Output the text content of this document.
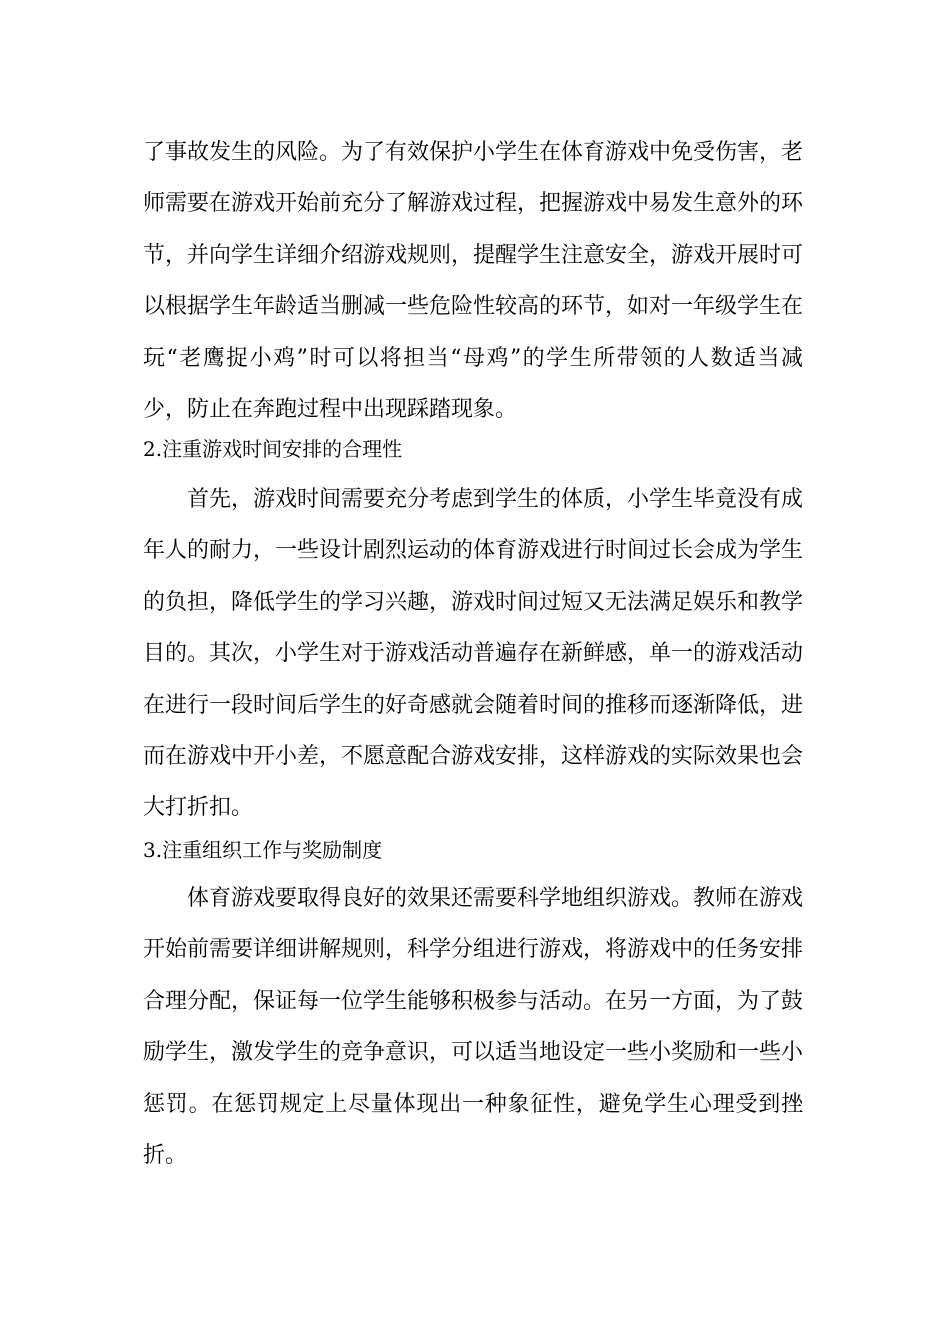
了事故发生的风险。为了有效保护小学生在体育游戏中免受伤害，老师需要在游戏开始前充分了解游戏过程，把握游戏中易发生意外的环节，并向学生详细介绍游戏规则，提醒学生注意安全，游戏开展时可以根据学生年龄适当删减一些危险性较高的环节，如对一年级学生在玩“老鹰捉小鸡”时可以将担当“母鸡”的学生所带领的人数适当减少，防止在奔跑过程中出现踩踏现象。

2.注重游戏时间安排的合理性

首先，游戏时间需要充分考虑到学生的体质，小学生毕竟没有成年人的耐力，一些设计剧烈运动的体育游戏进行时间过长会成为学生的负担，降低学生的学习兴趣，游戏时间过短又无法满足娱乐和教学目的。其次，小学生对于游戏活动普遍存在新鲜感，单一的游戏活动在进行一段时间后学生的好奇感就会随着时间的推移而逐渐降低，进而在游戏中开小差，不愿意配合游戏安排，这样游戏的实际效果也会大打折扣。

3.注重组织工作与奖励制度

体育游戏要取得良好的效果还需要科学地组织游戏。教师在游戏开始前需要详细讲解规则，科学分组进行游戏，将游戏中的任务安排合理分配，保证每一位学生能够积极参与活动。在另一方面，为了鼓励学生，激发学生的竞争意识，可以适当地设定一些小奖励和一些小惩罚。在惩罚规定上尽量体现出一种象征性，避免学生心理受到挫折。
